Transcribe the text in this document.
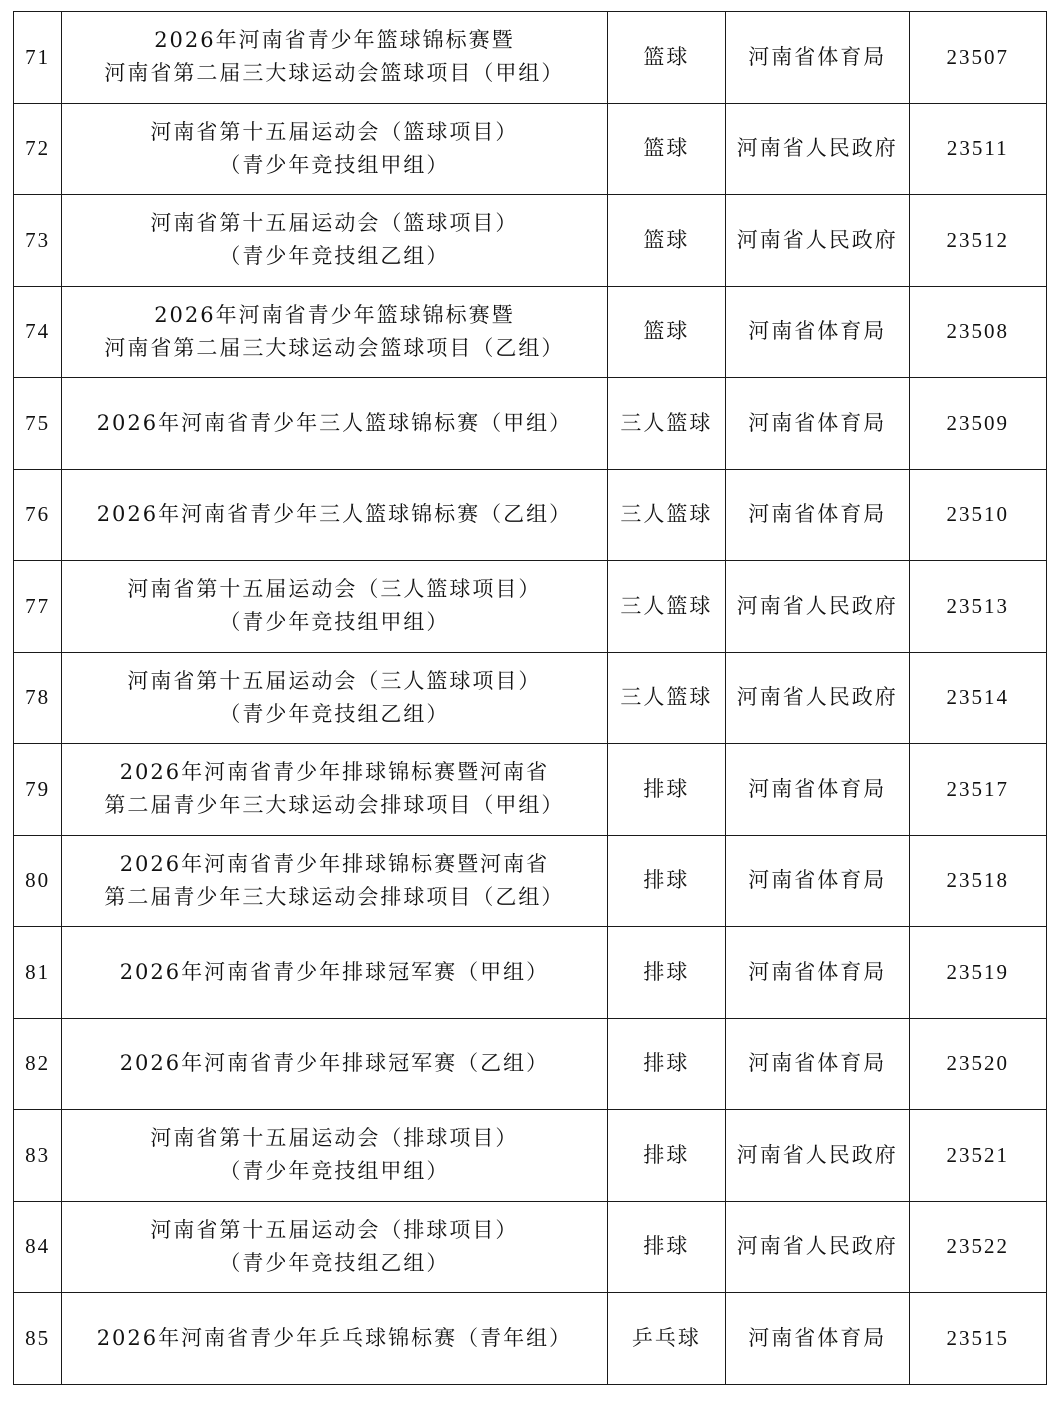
71	2026年河南省青少年篮球锦标赛暨
河南省第二届三大球运动会篮球项目（甲组）	篮球	河南省体育局	23507
72	河南省第十五届运动会（篮球项目）
（青少年竞技组甲组）	篮球	河南省人民政府	23511
73	河南省第十五届运动会（篮球项目）
（青少年竞技组乙组）	篮球	河南省人民政府	23512
74	2026年河南省青少年篮球锦标赛暨
河南省第二届三大球运动会篮球项目（乙组）	篮球	河南省体育局	23508
75	2026年河南省青少年三人篮球锦标赛（甲组）	三人篮球	河南省体育局	23509
76	2026年河南省青少年三人篮球锦标赛（乙组）	三人篮球	河南省体育局	23510
77	河南省第十五届运动会（三人篮球项目）
（青少年竞技组甲组）	三人篮球	河南省人民政府	23513
78	河南省第十五届运动会（三人篮球项目）
（青少年竞技组乙组）	三人篮球	河南省人民政府	23514
79	2026年河南省青少年排球锦标赛暨河南省
第二届青少年三大球运动会排球项目（甲组）	排球	河南省体育局	23517
80	2026年河南省青少年排球锦标赛暨河南省
第二届青少年三大球运动会排球项目（乙组）	排球	河南省体育局	23518
81	2026年河南省青少年排球冠军赛（甲组）	排球	河南省体育局	23519
82	2026年河南省青少年排球冠军赛（乙组）	排球	河南省体育局	23520
83	河南省第十五届运动会（排球项目）
（青少年竞技组甲组）	排球	河南省人民政府	23521
84	河南省第十五届运动会（排球项目）
（青少年竞技组乙组）	排球	河南省人民政府	23522
85	2026年河南省青少年乒乓球锦标赛（青年组）	乒乓球	河南省体育局	23515
